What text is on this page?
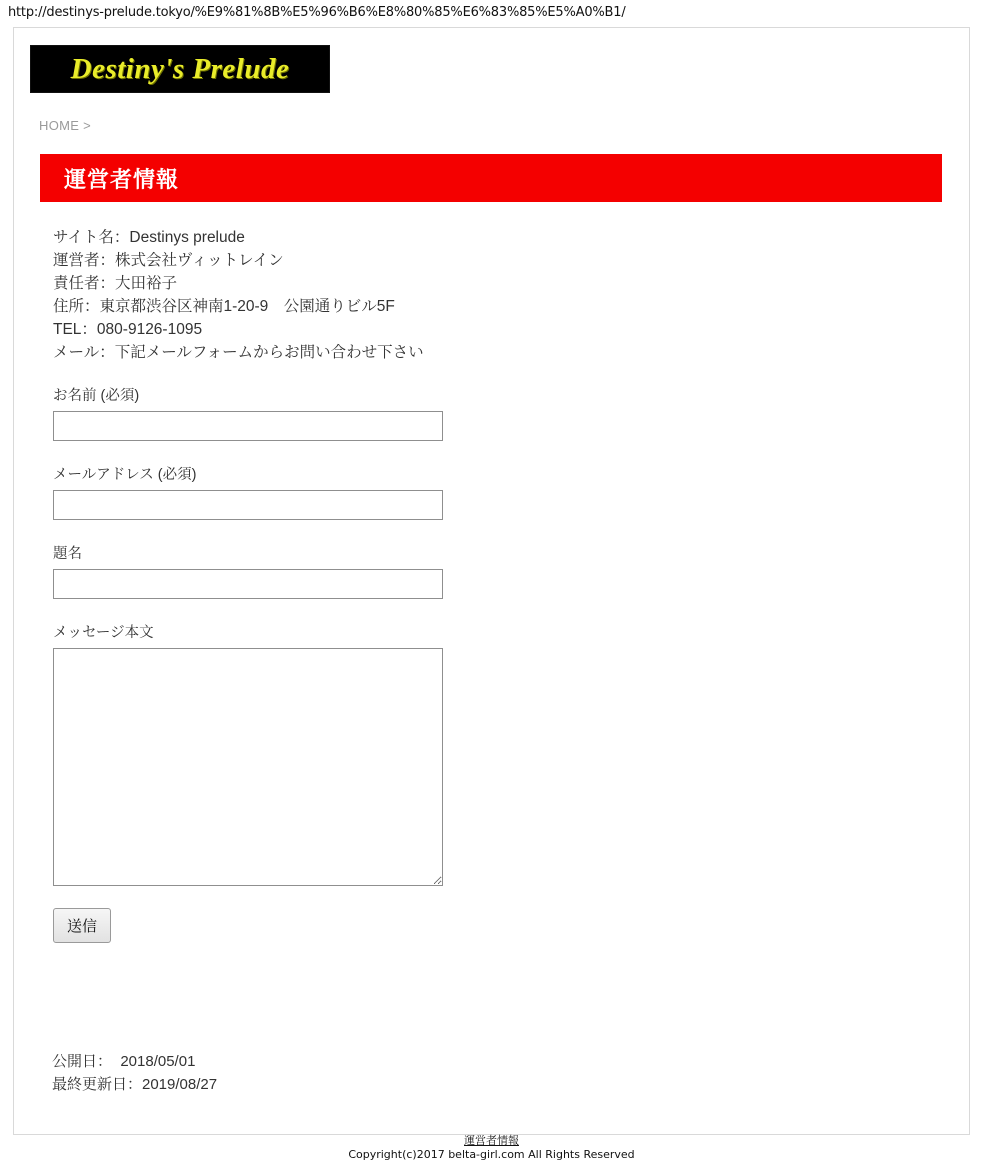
http://destinys-prelude.tokyo/%E9%81%8B%E5%96%B6%E8%80%85%E6%83%85%E5%A0%B1/
Destiny's Prelude
HOME >
運営者情報
サイト名：Destinys prelude
運営者：株式会社ヴィットレイン
責任者：大田裕子
住所：東京都渋谷区神南1-20-9　公園通りビル5F
TEL：080-9126-1095
メール：下記メールフォームからお問い合わせ下さい
お名前 (必須)
メールアドレス (必須)
題名
メッセージ本文
送信
公開日：  2018/05/01
最終更新日：2019/08/27
運営者情報
Copyright(c)2017 belta-girl.com All Rights Reserved
